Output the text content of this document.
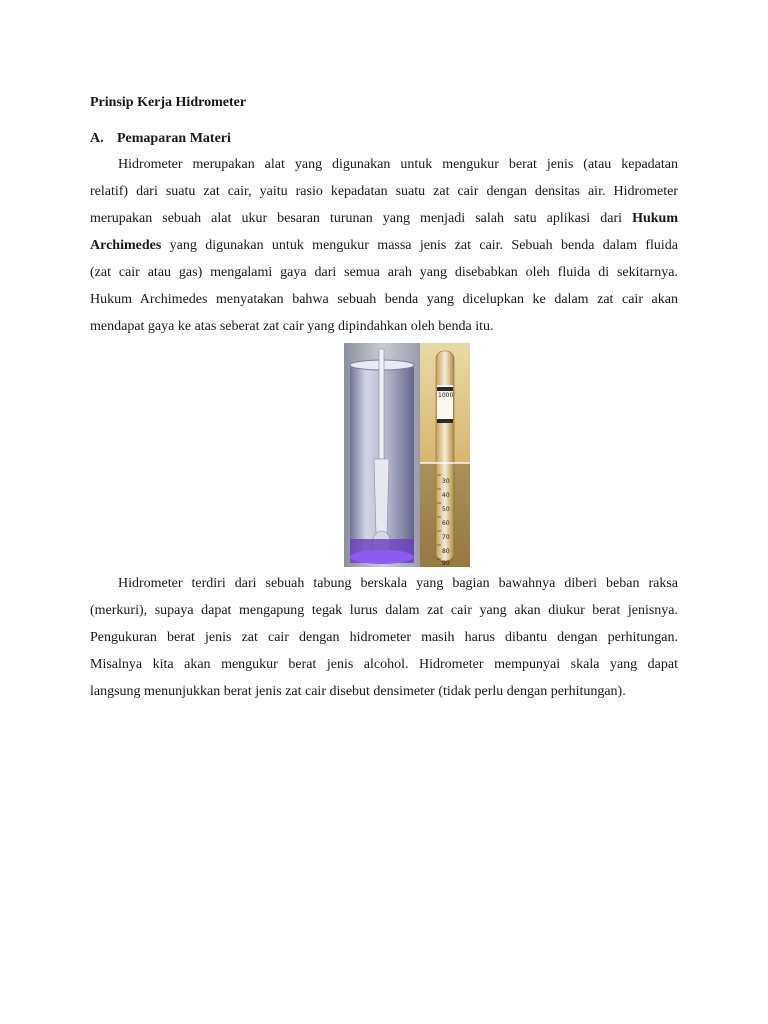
Prinsip Kerja Hidrometer
A. Pemaparan Materi
Hidrometer merupakan alat yang digunakan untuk mengukur berat jenis (atau kepadatan
relatif) dari suatu zat cair, yaitu rasio kepadatan suatu zat cair dengan densitas air. Hidrometer
merupakan sebuah alat ukur besaran turunan yang menjadi salah satu aplikasi dari Hukum
Archimedes yang digunakan untuk mengukur massa jenis zat cair. Sebuah benda dalam fluida
(zat cair atau gas) mengalami gaya dari semua arah yang disebabkan oleh fluida di sekitarnya.
Hukum Archimedes menyatakan bahwa sebuah benda yang dicelupkan ke dalam zat cair akan
mendapat gaya ke atas seberat zat cair yang dipindahkan oleh benda itu.
1000
30
40
50
60
70
80
90
Hidrometer terdiri dari sebuah tabung berskala yang bagian bawahnya diberi beban raksa
(merkuri), supaya dapat mengapung tegak lurus dalam zat cair yang akan diukur berat jenisnya.
Pengukuran berat jenis zat cair dengan hidrometer masih harus dibantu dengan perhitungan.
Misalnya kita akan mengukur berat jenis alcohol. Hidrometer mempunyai skala yang dapat
langsung menunjukkan berat jenis zat cair disebut densimeter (tidak perlu dengan perhitungan).
